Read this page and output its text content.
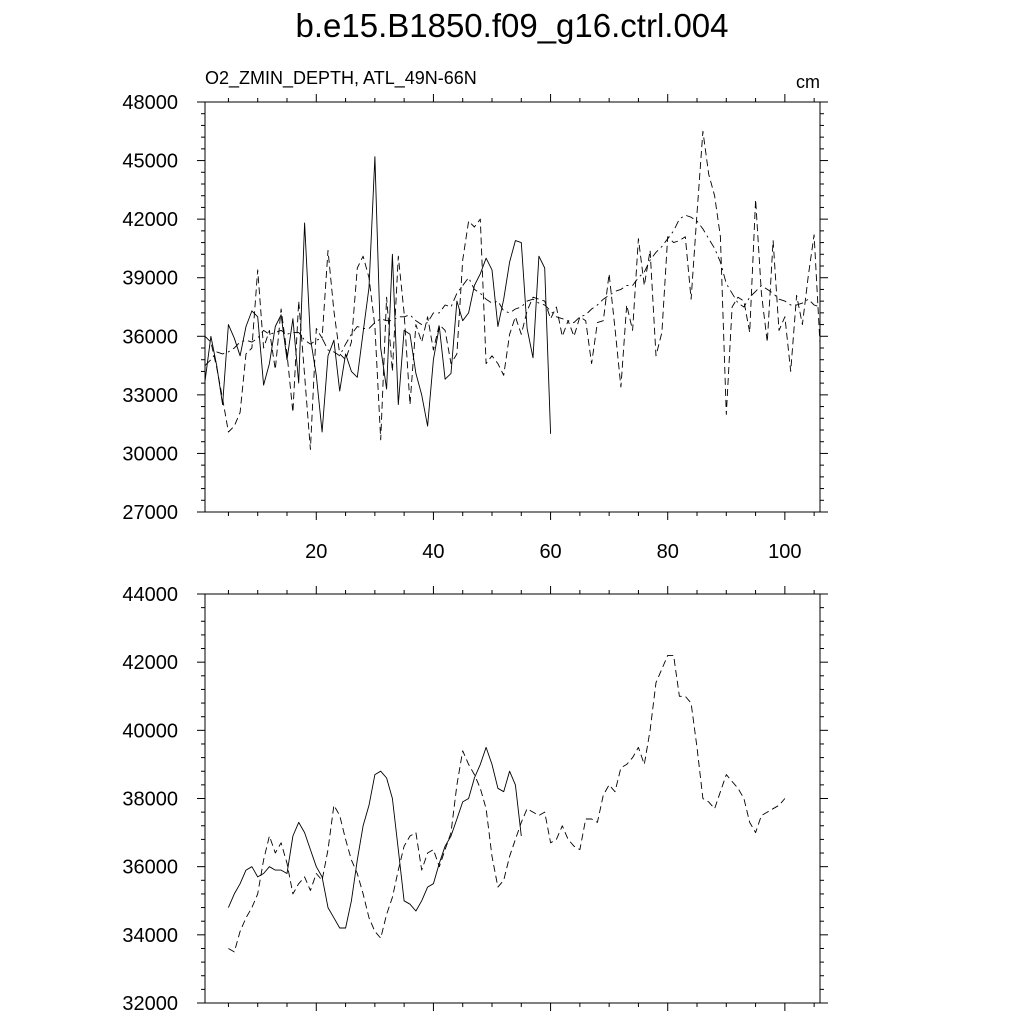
b.e15.B1850.f09_g16.ctrl.004
27000
30000
33000
36000
39000
42000
45000
48000
20	40	60	80	100
O2_ZMIN_DEPTH, ATL_49N-66N	cm
32000
34000
36000
38000
40000
42000
44000
